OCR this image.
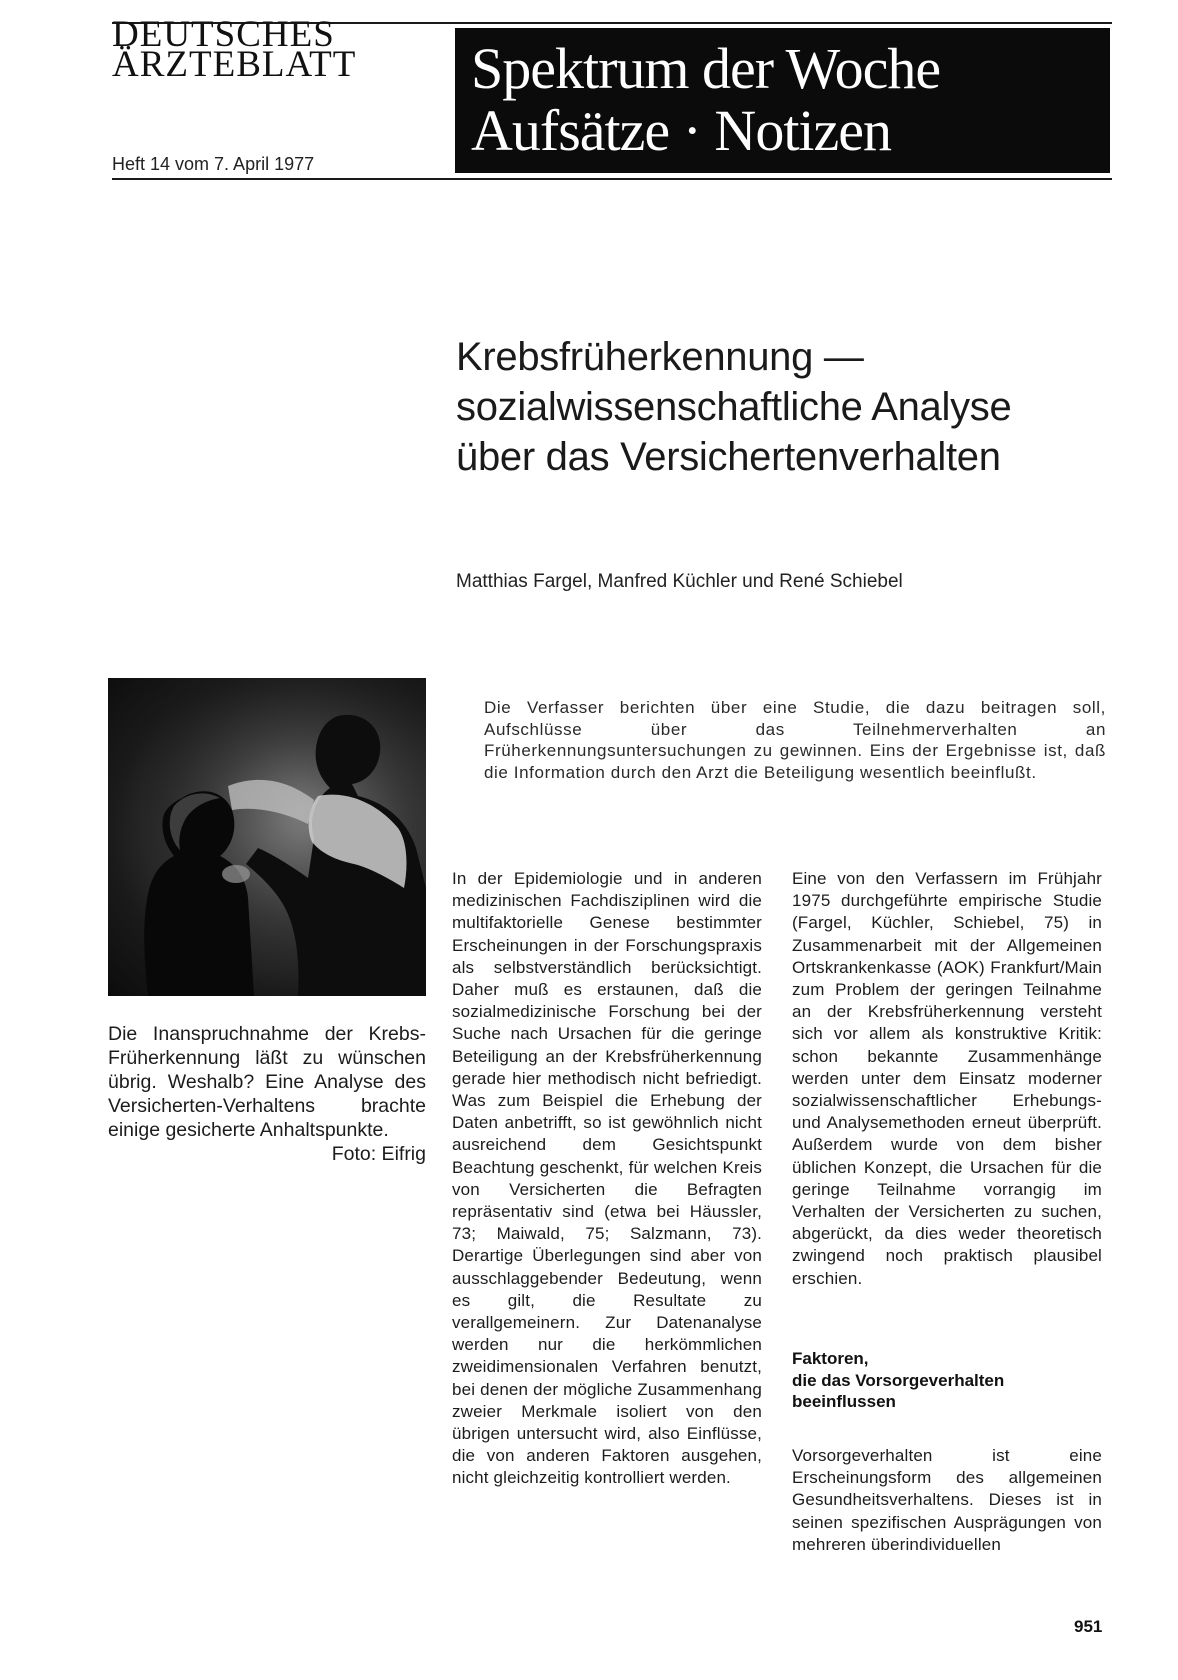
DEUTSCHES
ÄRZTEBLATT
Heft 14 vom 7. April 1977
Spektrum der Woche
Aufsätze · Notizen
Krebsfrüherkennung —
sozialwissenschaftliche Analyse
über das Versichertenverhalten
Matthias Fargel, Manfred Küchler und René Schiebel
Die Inanspruchnahme der Krebs-Früherkennung läßt zu wünschen übrig. Weshalb? Eine Analyse des Versicherten-Verhaltens brachte einige gesicherte Anhaltspunkte.
Foto: Eifrig
Die Verfasser berichten über eine Studie, die dazu beitragen soll, Aufschlüsse über das Teilnehmerverhalten an Früherkennungsuntersuchungen zu gewinnen. Eins der Ergebnisse ist, daß die Information durch den Arzt die Beteiligung wesentlich beeinflußt.

In der Epidemiologie und in anderen medizinischen Fachdisziplinen wird die multifaktorielle Genese bestimmter Erscheinungen in der Forschungspraxis als selbstverständlich berücksichtigt. Daher muß es erstaunen, daß die sozialmedizinische Forschung bei der Suche nach Ursachen für die geringe Beteiligung an der Krebsfrüherkennung gerade hier methodisch nicht befriedigt. Was zum Beispiel die Erhebung der Daten anbetrifft, so ist gewöhnlich nicht ausreichend dem Gesichtspunkt Beachtung geschenkt, für welchen Kreis von Versicherten die Befragten repräsentativ sind (etwa bei Häussler, 73; Maiwald, 75; Salzmann, 73). Derartige Überlegungen sind aber von ausschlaggebender Bedeutung, wenn es gilt, die Resultate zu verallgemeinern. Zur Datenanalyse werden nur die herkömmlichen zweidimensionalen Verfahren benutzt, bei denen der mögliche Zusammenhang zweier Merkmale isoliert von den übrigen untersucht wird, also Einflüsse, die von anderen Faktoren ausgehen, nicht gleichzeitig kontrolliert werden.

Eine von den Verfassern im Frühjahr 1975 durchgeführte empirische Studie (Fargel, Küchler, Schiebel, 75) in Zusammenarbeit mit der Allgemeinen Ortskrankenkasse (AOK) Frankfurt/Main zum Problem der geringen Teilnahme an der Krebsfrüherkennung versteht sich vor allem als konstruktive Kritik: schon bekannte Zusammenhänge werden unter dem Einsatz moderner sozialwissenschaftlicher Erhebungs- und Analysemethoden erneut überprüft. Außerdem wurde von dem bisher üblichen Konzept, die Ursachen für die geringe Teilnahme vorrangig im Verhalten der Versicherten zu suchen, abgerückt, da dies weder theoretisch zwingend noch praktisch plausibel erschien.

Faktoren,
die das Vorsorgeverhalten
beeinflussen

Vorsorgeverhalten ist eine Erscheinungsform des allgemeinen Gesundheitsverhaltens. Dieses ist in seinen spezifischen Ausprägungen von mehreren überindividuellen

951
